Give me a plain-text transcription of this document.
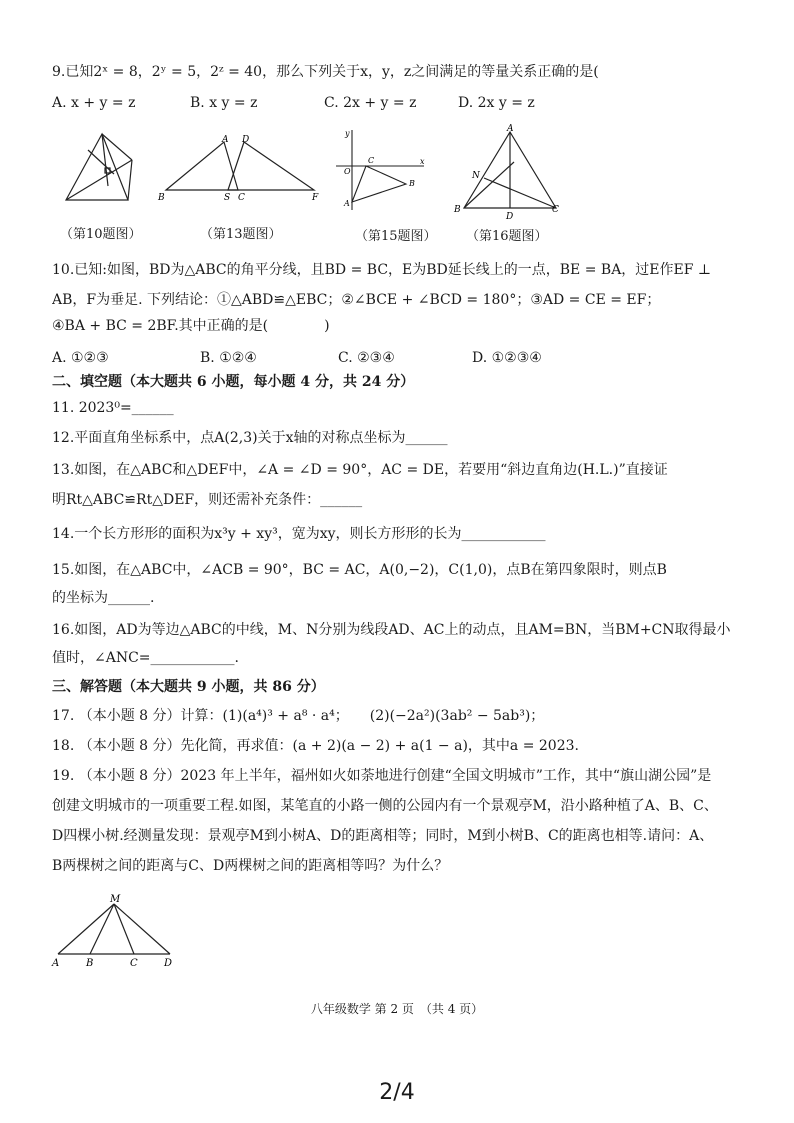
9.已知2ˣ = 8，2ʸ = 5，2ᶻ = 40，那么下列关于x，y，z之间满足的等量关系正确的是(
A. x + y = z	B. x y = z	C. 2x + y = z	D. 2x y = z
A D
B	S C	F
y
x
O
C
B
A
A
N
B
D
C
（第10题图）	（第13题图）	（第15题图） （第16题图）
10.已知:如图，BD为△ABC的角平分线，且BD = BC，E为BD延长线上的一点，BE = BA，过E作EF ⊥
AB，F为垂足. 下列结论：①△ABD≌△EBC；②∠BCE + ∠BCD = 180°；③AD = CE = EF；
④BA + BC = 2BF.其中正确的是(　　　　)
A. ①②③	B. ①②④	C. ②③④	D. ①②③④
二、填空题（本大题共 6 小题，每小题 4 分，共 24 分）
11. 2023⁰=______
12.平面直角坐标系中，点A(2,3)关于x轴的对称点坐标为______
13.如图，在△ABC和△DEF中，∠A = ∠D = 90°，AC = DE，若要用“斜边直角边(H.L.)”直接证
明Rt△ABC≌Rt△DEF，则还需补充条件：______
14.一个长方形形的面积为x³y + xy³，宽为xy，则长方形形的长为____________
15.如图，在△ABC中，∠ACB = 90°，BC = AC，A(0,−2)，C(1,0)，点B在第四象限时，则点B
的坐标为______.
16.如图，AD为等边△ABC的中线，M、N分别为线段AD、AC上的动点，且AM=BN，当BM+CN取得最小
值时，∠ANC=____________.
三、解答题（本大题共 9 小题，共 86 分）
17. （本小题 8 分）计算：(1)(a⁴)³ + a⁸ · a⁴；　　(2)(−2a²)(3ab² − 5ab³)；
18. （本小题 8 分）先化简，再求值：(a + 2)(a − 2) + a(1 − a)，其中a = 2023.
19. （本小题 8 分）2023 年上半年，福州如火如荼地进行创建“全国文明城市”工作，其中“旗山湖公园”是
创建文明城市的一项重要工程.如图，某笔直的小路一侧的公园内有一个景观亭M，沿小路种植了A、B、C、
D四棵小树.经测量发现：景观亭M到小树A、D的距离相等；同时，M到小树B、C的距离也相等.请问：A、
B两棵树之间的距离与C、D两棵树之间的距离相等吗？为什么？
M
A	B	C	D
八年级数学 第 2 页　（共 4 页）
2/4
